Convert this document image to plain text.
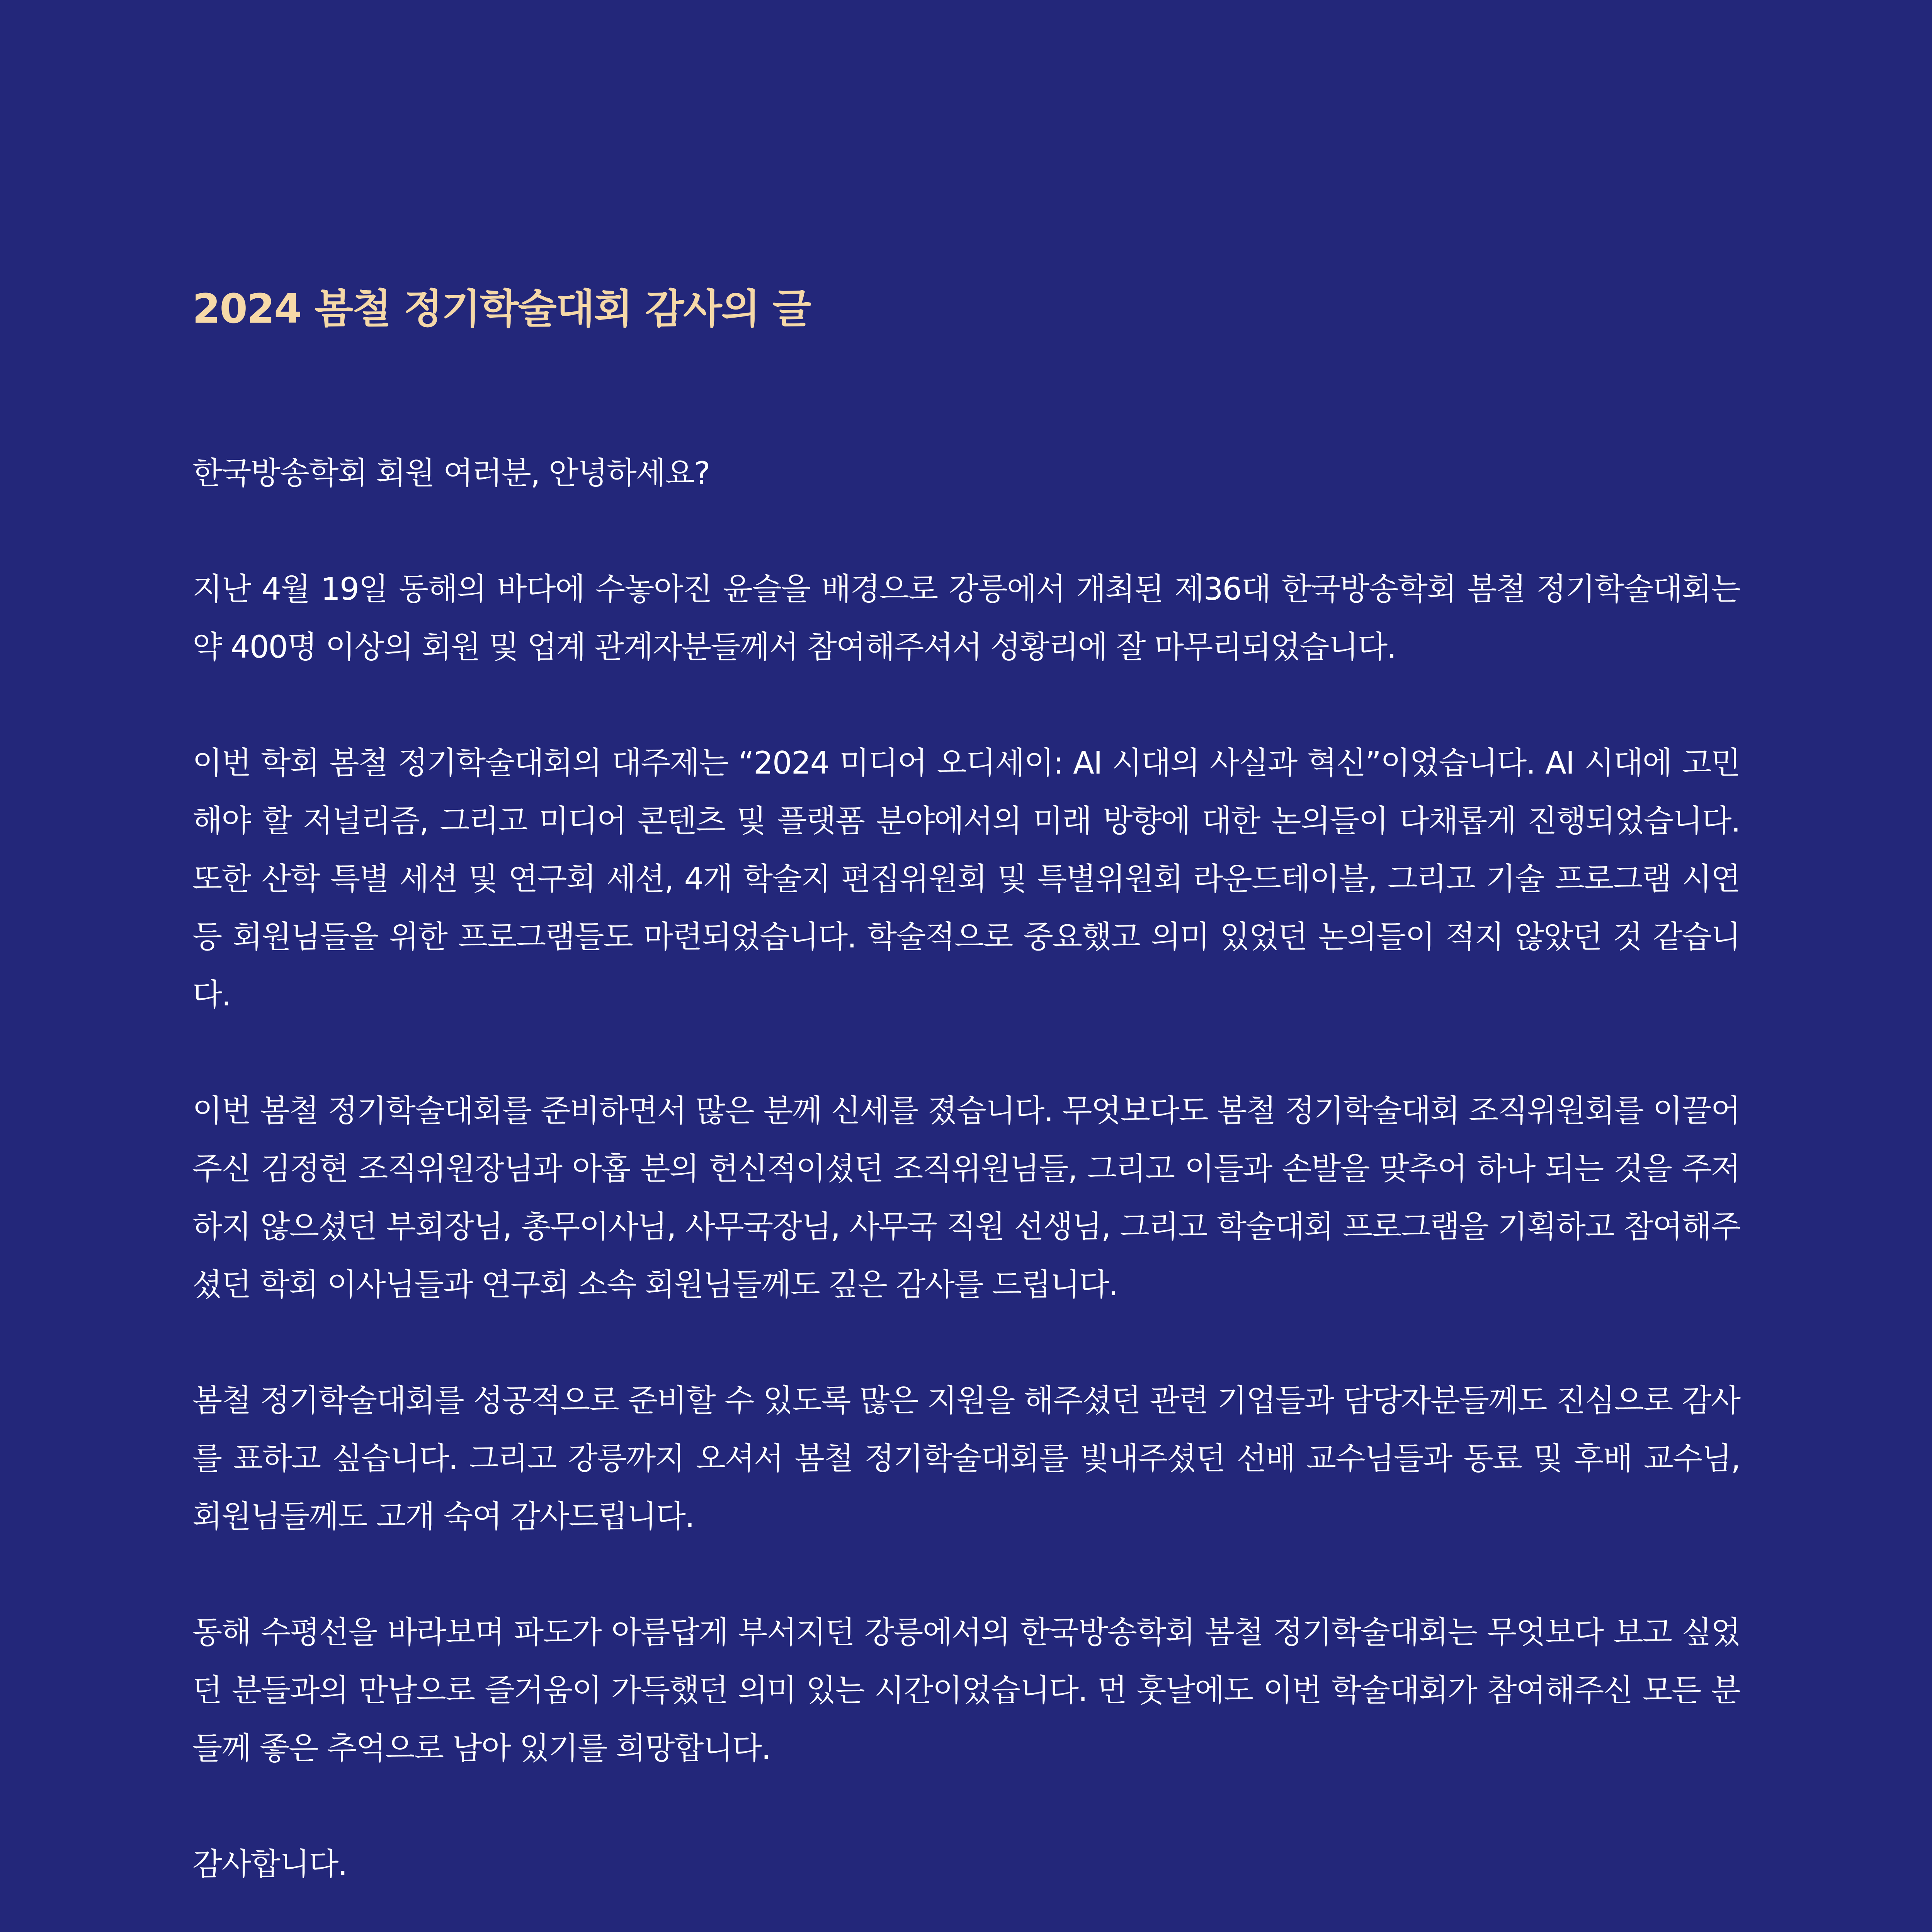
2024 봄철 정기학술대회 감사의 글

한국방송학회 회원 여러분, 안녕하세요?

지난 4월 19일 동해의 바다에 수놓아진 윤슬을 배경으로 강릉에서 개최된 제36대 한국방송학회 봄철 정기학술대회는 약 400명 이상의 회원 및 업계 관계자분들께서 참여해주셔서 성황리에 잘 마무리되었습니다.

이번 학회 봄철 정기학술대회의 대주제는 “2024 미디어 오디세이: AI 시대의 사실과 혁신”이었습니다. AI 시대에 고민해야 할 저널리즘, 그리고 미디어 콘텐츠 및 플랫폼 분야에서의 미래 방향에 대한 논의들이 다채롭게 진행되었습니다. 또한 산학 특별 세션 및 연구회 세션, 4개 학술지 편집위원회 및 특별위원회 라운드테이블, 그리고 기술 프로그램 시연 등 회원님들을 위한 프로그램들도 마련되었습니다. 학술적으로 중요했고 의미 있었던 논의들이 적지 않았던 것 같습니다.

이번 봄철 정기학술대회를 준비하면서 많은 분께 신세를 졌습니다. 무엇보다도 봄철 정기학술대회 조직위원회를 이끌어주신 김정현 조직위원장님과 아홉 분의 헌신적이셨던 조직위원님들, 그리고 이들과 손발을 맞추어 하나 되는 것을 주저하지 않으셨던 부회장님, 총무이사님, 사무국장님, 사무국 직원 선생님, 그리고 학술대회 프로그램을 기획하고 참여해주셨던 학회 이사님들과 연구회 소속 회원님들께도 깊은 감사를 드립니다.

봄철 정기학술대회를 성공적으로 준비할 수 있도록 많은 지원을 해주셨던 관련 기업들과 담당자분들께도 진심으로 감사를 표하고 싶습니다. 그리고 강릉까지 오셔서 봄철 정기학술대회를 빛내주셨던 선배 교수님들과 동료 및 후배 교수님, 회원님들께도 고개 숙여 감사드립니다.

동해 수평선을 바라보며 파도가 아름답게 부서지던 강릉에서의 한국방송학회 봄철 정기학술대회는 무엇보다 보고 싶었던 분들과의 만남으로 즐거움이 가득했던 의미 있는 시간이었습니다. 먼 훗날에도 이번 학술대회가 참여해주신 모든 분들께 좋은 추억으로 남아 있기를 희망합니다.

감사합니다.
